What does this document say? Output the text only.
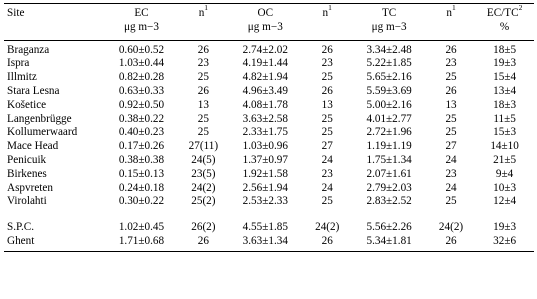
Site	EC	$n^1$	OC	$n^1$	TC	$n^1$	$EC/TC^2$
	μg m−3		μg m−3		μg m−3		%
Braganza	0.60±0.52	26	2.74±2.02	26	3.34±2.48	26	18±5
Ispra	1.03±0.44	23	4.19±1.44	23	5.22±1.85	23	19±3
Illmitz	0.82±0.28	25	4.82±1.94	25	5.65±2.16	25	15±4
Stara Lesna	0.63±0.33	26	4.96±3.49	26	5.59±3.69	26	13±4
Košetice	0.92±0.50	13	4.08±1.78	13	5.00±2.16	13	18±3
Langenbrügge	0.38±0.22	25	3.63±2.58	25	4.01±2.77	25	11±5
Kollumerwaard	0.40±0.23	25	2.33±1.75	25	2.72±1.96	25	15±3
Mace Head	0.17±0.26	27(11)	1.03±0.96	27	1.19±1.19	27	14±10
Penicuik	0.38±0.38	24(5)	1.37±0.97	24	1.75±1.34	24	21±5
Birkenes	0.15±0.13	23(5)	1.92±1.58	23	2.07±1.61	23	9±4
Aspvreten	0.24±0.18	24(2)	2.56±1.94	24	2.79±2.03	24	10±3
Virolahti	0.30±0.22	25(2)	2.53±2.33	25	2.83±2.52	25	12±4

S.P.C.	1.02±0.45	26(2)	4.55±1.85	24(2)	5.56±2.26	24(2)	19±3
Ghent	1.71±0.68	26	3.63±1.34	26	5.34±1.81	26	32±6
